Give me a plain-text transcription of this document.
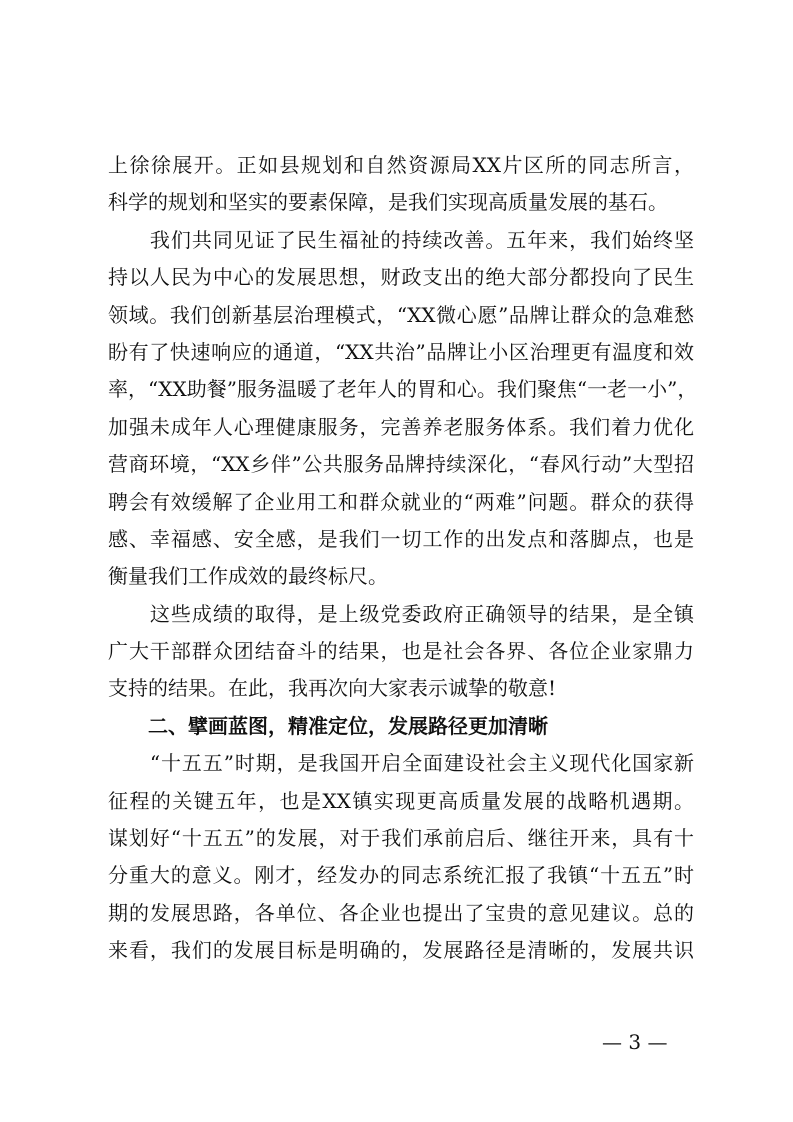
上徐徐展开。正如县规划和自然资源局XX片区所的同志所言，
科学的规划和坚实的要素保障，是我们实现高质量发展的基石。
　　我们共同见证了民生福祉的持续改善。五年来，我们始终坚
持以人民为中心的发展思想，财政支出的绝大部分都投向了民生
领域。我们创新基层治理模式，“XX微心愿”品牌让群众的急难愁
盼有了快速响应的通道，“XX共治”品牌让小区治理更有温度和效
率，“XX助餐”服务温暖了老年人的胃和心。我们聚焦“一老一小”，
加强未成年人心理健康服务，完善养老服务体系。我们着力优化
营商环境，“XX乡伴”公共服务品牌持续深化，“春风行动”大型招
聘会有效缓解了企业用工和群众就业的“两难”问题。群众的获得
感、幸福感、安全感，是我们一切工作的出发点和落脚点，也是
衡量我们工作成效的最终标尺。
　　这些成绩的取得，是上级党委政府正确领导的结果，是全镇
广大干部群众团结奋斗的结果，也是社会各界、各位企业家鼎力
支持的结果。在此，我再次向大家表示诚挚的敬意!
　　二、擘画蓝图，精准定位，发展路径更加清晰
　　“十五五”时期，是我国开启全面建设社会主义现代化国家新
征程的关键五年，也是XX镇实现更高质量发展的战略机遇期。
谋划好“十五五”的发展，对于我们承前启后、继往开来，具有十
分重大的意义。刚才，经发办的同志系统汇报了我镇“十五五”时
期的发展思路，各单位、各企业也提出了宝贵的意见建议。总的
来看，我们的发展目标是明确的，发展路径是清晰的，发展共识
— 3 —
